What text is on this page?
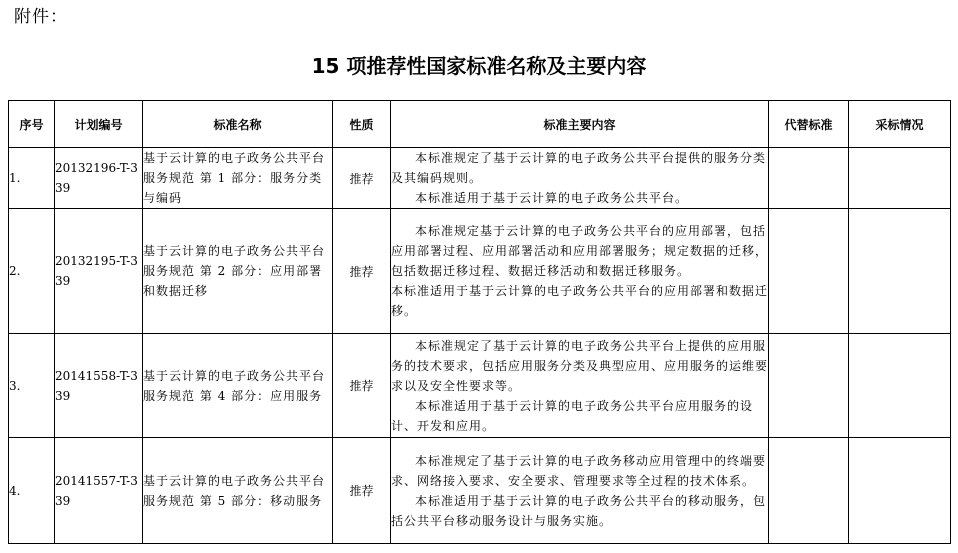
附件：
15 项推荐性国家标准名称及主要内容
序号	计划编号	标准名称	性质	标准主要内容	代替标准	采标情况
1.	20132196-T-339	基于云计算的电子政务公共平台服务规范 第 1 部分：服务分类与编码	推荐	本标准规定了基于云计算的电子政务公共平台提供的服务分类及其编码规则。

本标准适用于基于云计算的电子政务公共平台。		

2.	20132195-T-339	基于云计算的电子政务公共平台服务规范 第 2 部分：应用部署和数据迁移	推荐	本标准规定基于云计算的电子政务公共平台的应用部署，包括应用部署过程、应用部署活动和应用部署服务；规定数据的迁移，包括数据迁移过程、数据迁移活动和数据迁移服务。

本标准适用于基于云计算的电子政务公共平台的应用部署和数据迁移。		

3.	20141558-T-339	基于云计算的电子政务公共平台服务规范 第 4 部分：应用服务	推荐	本标准规定了基于云计算的电子政务公共平台上提供的应用服务的技术要求，包括应用服务分类及典型应用、应用服务的运维要求以及安全性要求等。

本标准适用于基于云计算的电子政务公共平台应用服务的设计、开发和应用。		

4.	20141557-T-339	基于云计算的电子政务公共平台服务规范 第 5 部分：移动服务	推荐	本标准规定了基于云计算的电子政务移动应用管理中的终端要求、网络接入要求、安全要求、管理要求等全过程的技术体系。

本标准适用于基于云计算的电子政务公共平台的移动服务，包括公共平台移动服务设计与服务实施。		
